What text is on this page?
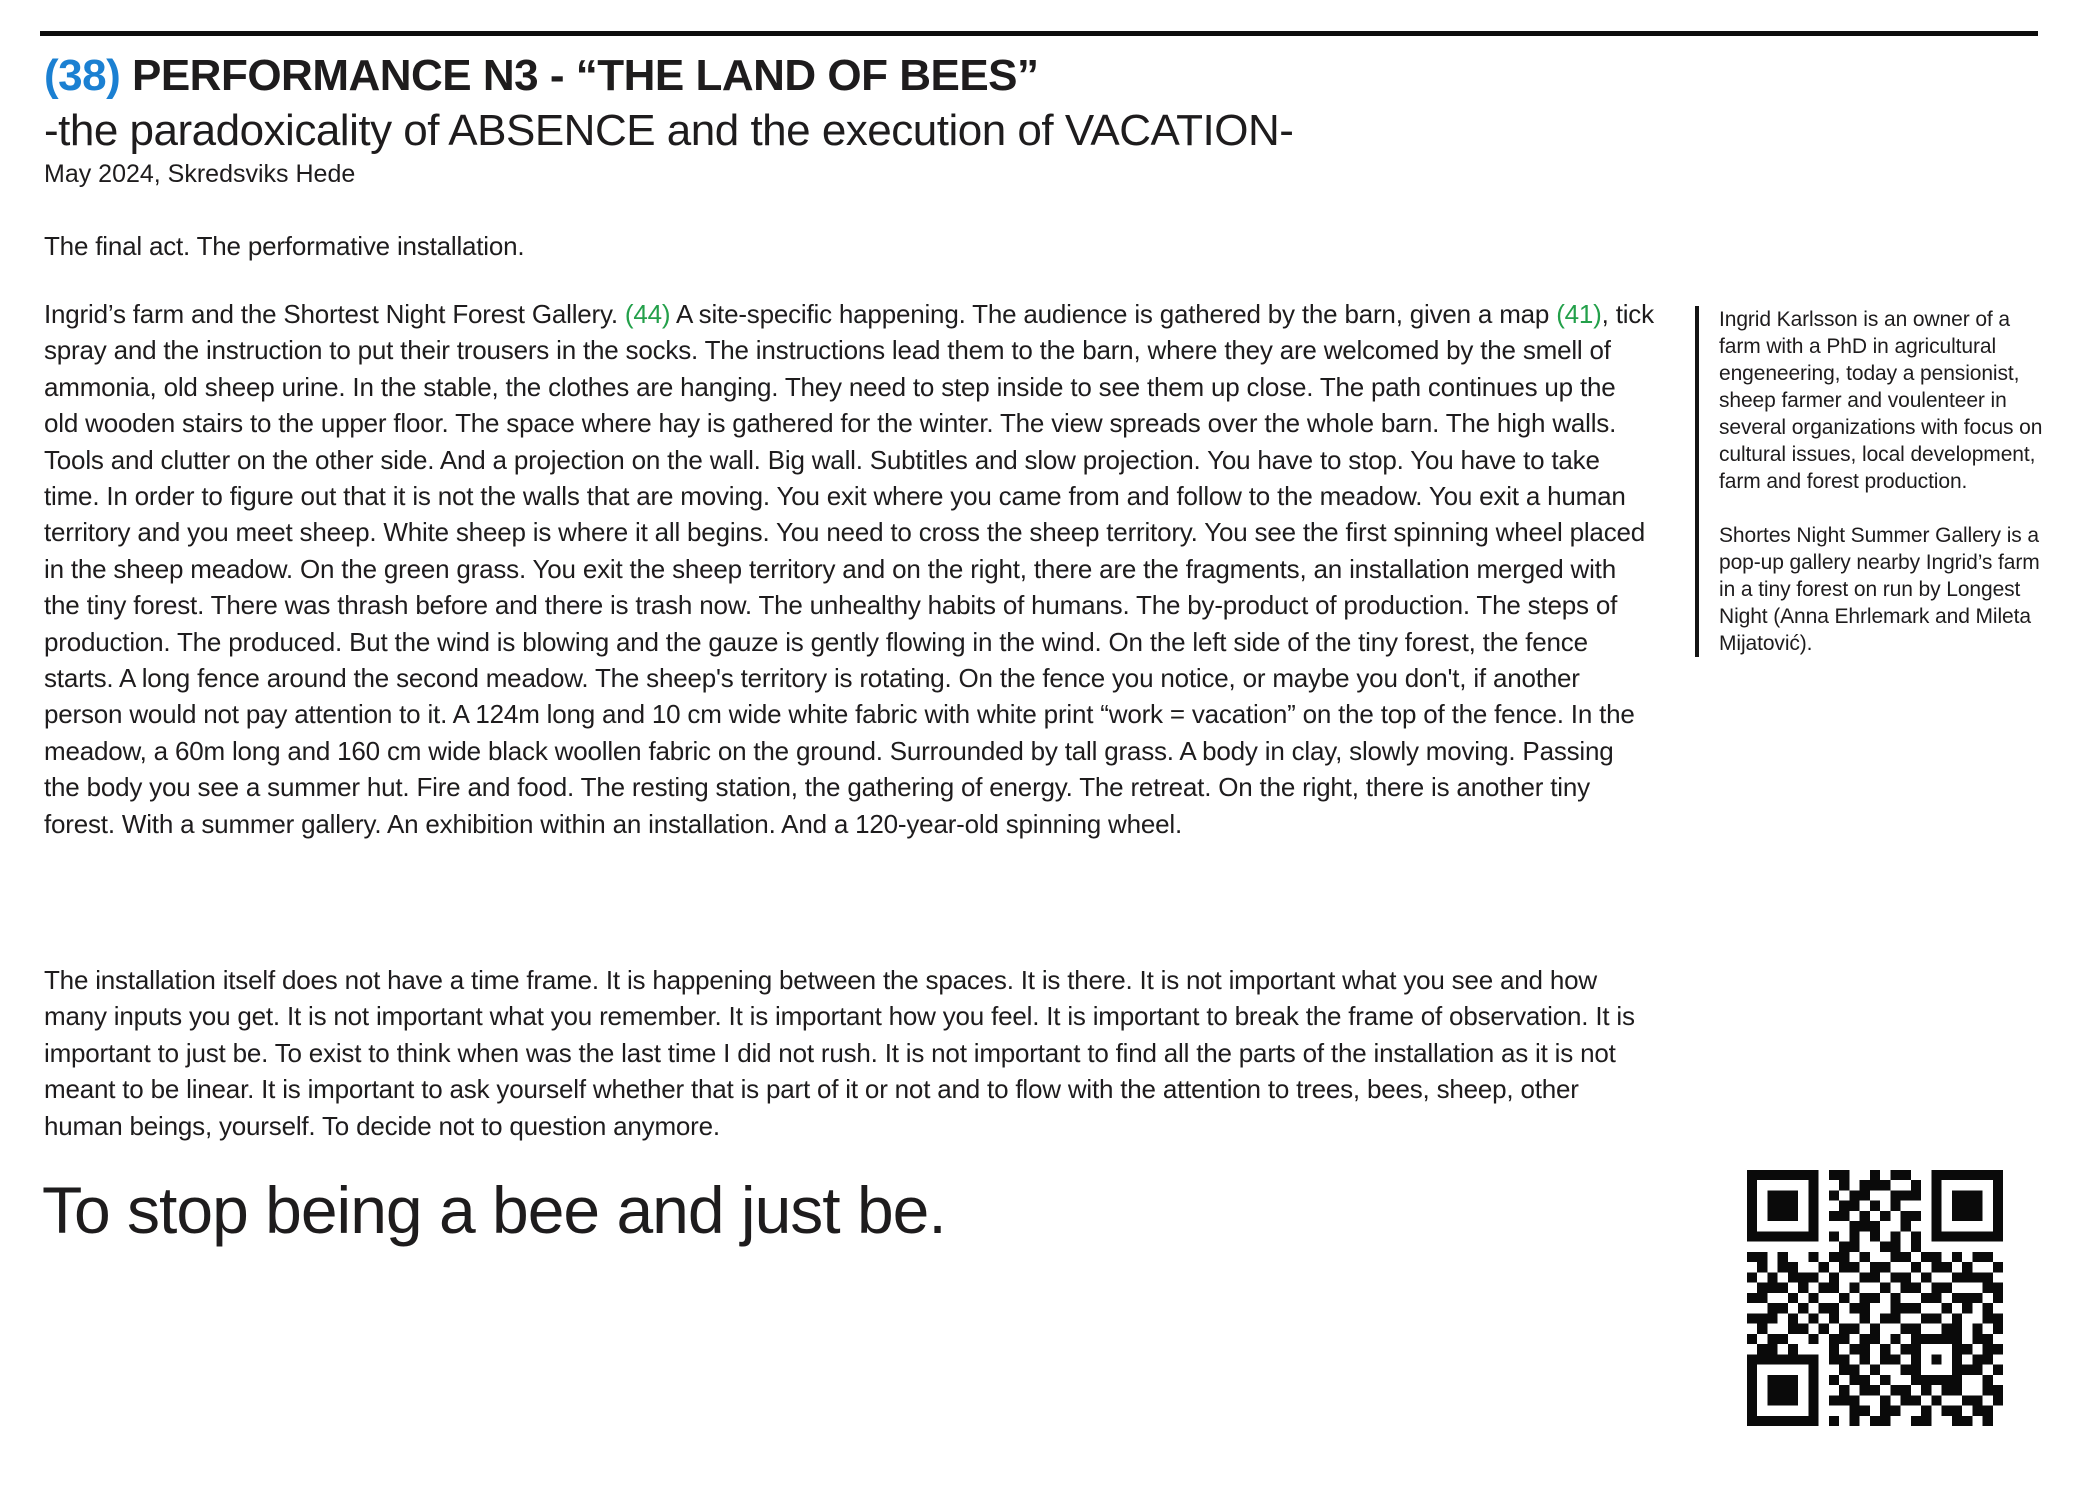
(38) PERFORMANCE N3 - “THE LAND OF BEES”
-the paradoxicality of ABSENCE and the execution of VACATION-
May 2024, Skredsviks Hede

The final act. The performative installation.

Ingrid’s farm and the Shortest Night Forest Gallery. (44) A site-specific happening. The audience is gathered by the barn, given a map (41), tick spray and the instruction to put their trousers in the socks. The instructions lead them to the barn, where they are welcomed by the smell of ammonia, old sheep urine. In the stable, the clothes are hanging. They need to step inside to see them up close. The path continues up the old wooden stairs to the upper floor. The space where hay is gathered for the winter. The view spreads over the whole barn. The high walls. Tools and clutter on the other side. And a projection on the wall. Big wall. Subtitles and slow projection. You have to stop. You have to take time. In order to figure out that it is not the walls that are moving. You exit where you came from and follow to the meadow. You exit a human territory and you meet sheep. White sheep is where it all begins. You need to cross the sheep territory. You see the first spinning wheel placed in the sheep meadow. On the green grass. You exit the sheep territory and on the right, there are the fragments, an installation merged with the tiny forest. There was thrash before and there is trash now. The unhealthy habits of humans. The by-product of production. The steps of production. The produced. But the wind is blowing and the gauze is gently flowing in the wind. On the left side of the tiny forest, the fence starts. A long fence around the second meadow. The sheep's territory is rotating. On the fence you notice, or maybe you don't, if another person would not pay attention to it. A 124m long and 10 cm wide white fabric with white print “work = vacation” on the top of the fence. In the meadow, a 60m long and 160 cm wide black woollen fabric on the ground. Surrounded by tall grass. A body in clay, slowly moving. Passing the body you see a summer hut. Fire and food. The resting station, the gathering of energy. The retreat. On the right, there is another tiny forest. With a summer gallery. An exhibition within an installation. And a 120-year-old spinning wheel.

The installation itself does not have a time frame. It is happening between the spaces. It is there. It is not important what you see and how many inputs you get. It is not important what you remember. It is important how you feel. It is important to break the frame of observation. It is important to just be. To exist to think when was the last time I did not rush. It is not important to find all the parts of the installation as it is not meant to be linear. It is important to ask yourself whether that is part of it or not and to flow with the attention to trees, bees, sheep, other human beings, yourself. To decide not to question anymore.

To stop being a bee and just be.

Ingrid Karlsson is an owner of a farm with a PhD in agricultural engeneering, today a pensionist, sheep farmer and voulenteer in several organizations with focus on cultural issues, local development, farm and forest production.

Shortes Night Summer Gallery is a pop-up gallery nearby Ingrid’s farm in a tiny forest on run by Longest Night (Anna Ehrlemark and Mileta Mijatović).
